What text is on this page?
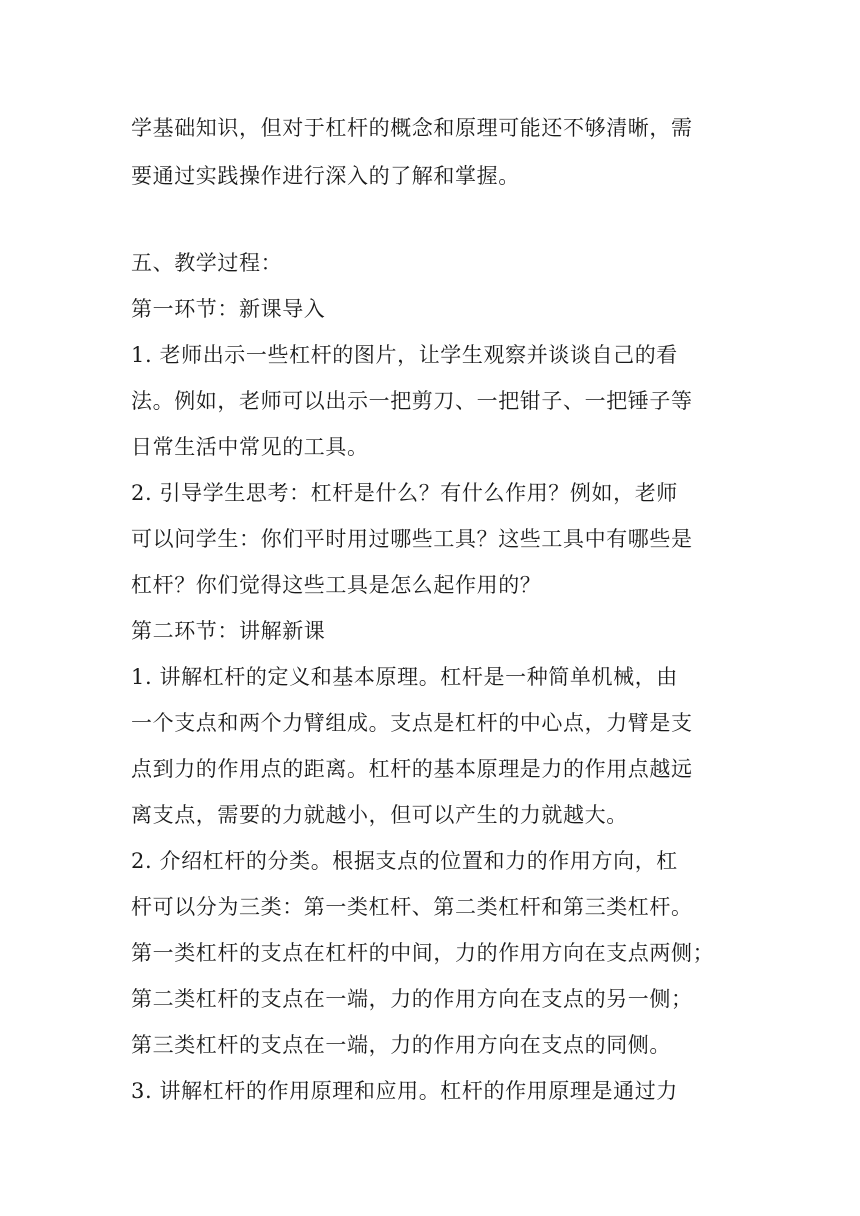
学基础知识，但对于杠杆的概念和原理可能还不够清晰，需
要通过实践操作进行深入的了解和掌握。
五、教学过程：
第一环节：新课导入
1. 老师出示一些杠杆的图片，让学生观察并谈谈自己的看
法。例如，老师可以出示一把剪刀、一把钳子、一把锤子等
日常生活中常见的工具。
2. 引导学生思考：杠杆是什么？有什么作用？例如，老师
可以问学生：你们平时用过哪些工具？这些工具中有哪些是
杠杆？你们觉得这些工具是怎么起作用的？
第二环节：讲解新课
1. 讲解杠杆的定义和基本原理。杠杆是一种简单机械，由
一个支点和两个力臂组成。支点是杠杆的中心点，力臂是支
点到力的作用点的距离。杠杆的基本原理是力的作用点越远
离支点，需要的力就越小，但可以产生的力就越大。
2. 介绍杠杆的分类。根据支点的位置和力的作用方向，杠
杆可以分为三类：第一类杠杆、第二类杠杆和第三类杠杆。
第一类杠杆的支点在杠杆的中间，力的作用方向在支点两侧；
第二类杠杆的支点在一端，力的作用方向在支点的另一侧；
第三类杠杆的支点在一端，力的作用方向在支点的同侧。
3. 讲解杠杆的作用原理和应用。杠杆的作用原理是通过力
